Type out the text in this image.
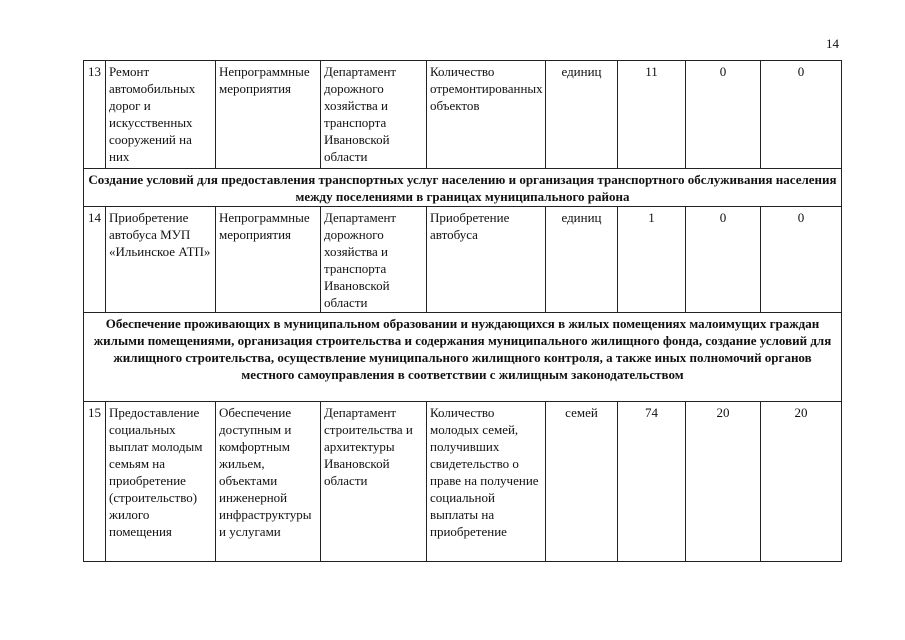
14
13	Ремонт автомобильных дорог и искусственных сооружений на них	Непрограммные мероприятия	Департамент дорожного хозяйства и транспорта Ивановской области	Количество отремонтированных объектов	единиц	11	0	0
Создание условий для предоставления транспортных услуг населению и организация транспортного обслуживания населения между поселениями в границах муниципального района								
14	Приобретение автобуса МУП «Ильинское АТП»	Непрограммные мероприятия	Департамент дорожного хозяйства и транспорта Ивановской области	Приобретение автобуса	единиц	1	0	0
Обеспечение проживающих в муниципальном образовании и нуждающихся в жилых помещениях малоимущих граждан жилыми помещениями, организация строительства и содержания муниципального жилищного фонда, создание условий для жилищного строительства, осуществление муниципального жилищного контроля, а также иных полномочий органов местного самоуправления в соответствии с жилищным законодательством								
15	Предоставление социальных выплат молодым семьям на приобретение (строительство) жилого помещения	Обеспечение доступным и комфортным жильем, объектами инженерной инфраструктуры и услугами	Департамент строительства и архитектуры Ивановской области	Количество молодых семей, получивших свидетельство о праве на получение социальной выплаты на приобретение	семей	74	20	20
